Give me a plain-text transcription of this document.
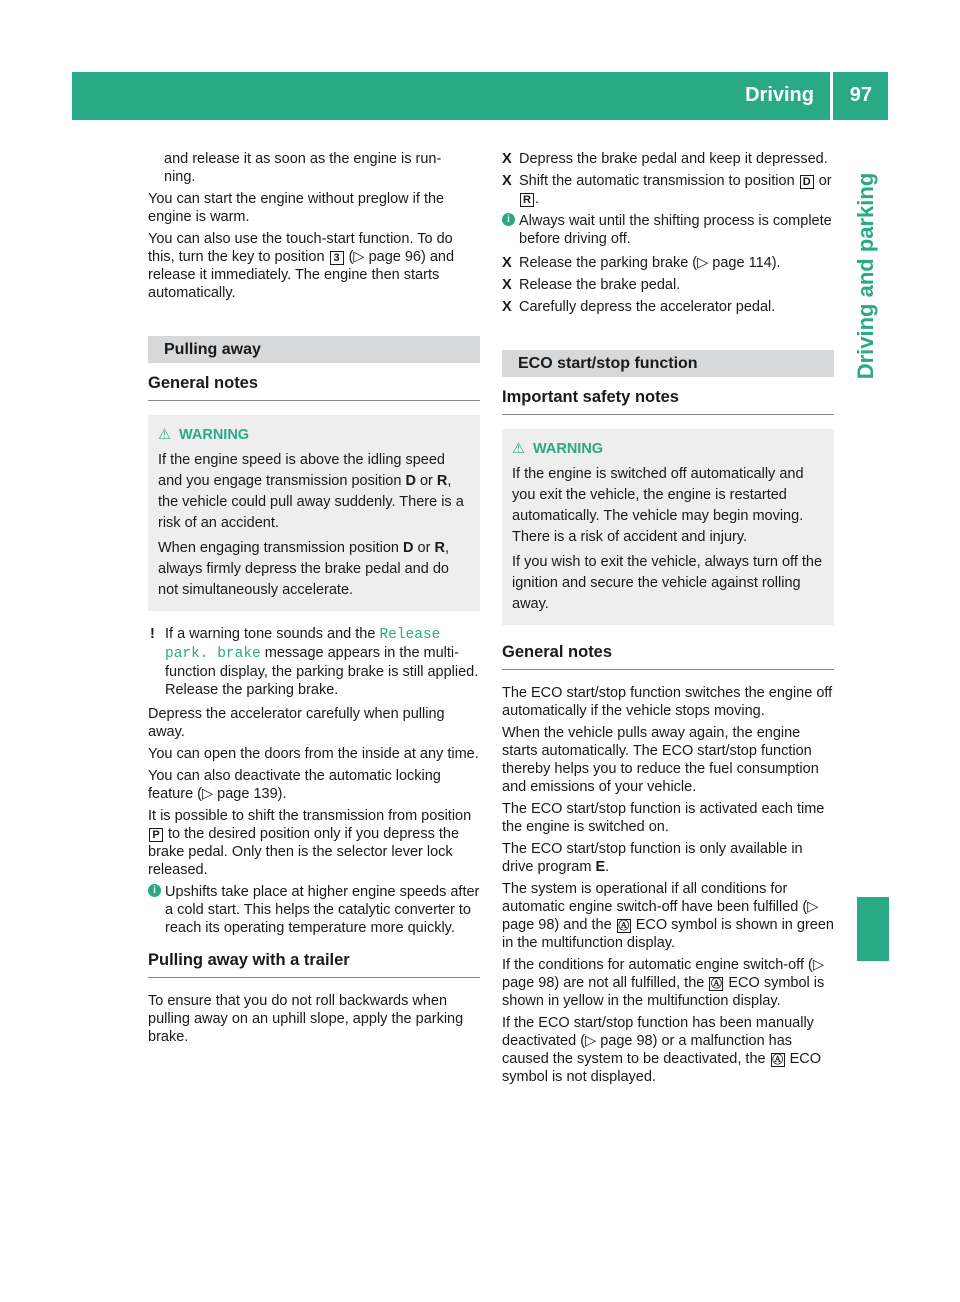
Driving 97
Driving and parking

and release it as soon as the engine is run-
ning.

You can start the engine without preglow if the engine is warm.

You can also use the touch-start function. To do this, turn the key to position 3 (▷ page 96) and release it immediately. The engine then starts automatically.

Pulling away
General notes
⚠ WARNING

If the engine speed is above the idling speed and you engage transmission position D or R, the vehicle could pull away suddenly. There is a risk of an accident.

When engaging transmission position D or R, always firmly depress the brake pedal and do not simultaneously accelerate.

! If a warning tone sounds and the Release park. brake message appears in the multi-function display, the parking brake is still applied. Release the parking brake.

Depress the accelerator carefully when pulling away.

You can open the doors from the inside at any time.

You can also deactivate the automatic locking feature (▷ page 139).

It is possible to shift the transmission from position P to the desired position only if you depress the brake pedal. Only then is the selector lever lock released.

i Upshifts take place at higher engine speeds after a cold start. This helps the catalytic converter to reach its operating temperature more quickly.
Pulling away with a trailer

To ensure that you do not roll backwards when pulling away on an uphill slope, apply the parking brake.

X Depress the brake pedal and keep it depressed.
X Shift the automatic transmission to position D or R .
i Always wait until the shifting process is complete before driving off.
X Release the parking brake (▷ page 114).
X Release the brake pedal.
X Carefully depress the accelerator pedal.
ECO start/stop function
Important safety notes
⚠ WARNING

If the engine is switched off automatically and you exit the vehicle, the engine is restarted automatically. The vehicle may begin moving. There is a risk of accident and injury.

If you wish to exit the vehicle, always turn off the ignition and secure the vehicle against rolling away.

General notes

The ECO start/stop function switches the engine off automatically if the vehicle stops moving.

When the vehicle pulls away again, the engine starts automatically. The ECO start/stop function thereby helps you to reduce the fuel consumption and emissions of your vehicle.

The ECO start/stop function is activated each time the engine is switched on.

The ECO start/stop function is only available in drive program E.

The system is operational if all conditions for automatic engine switch-off have been fulfilled (▷ page 98) and the Ⓐ ECO symbol is shown in green in the multifunction display.

If the conditions for automatic engine switch-off (▷ page 98) are not all fulfilled, the Ⓐ ECO symbol is shown in yellow in the multifunction display.

If the ECO start/stop function has been manually deactivated (▷ page 98) or a malfunction has caused the system to be deactivated, the Ⓐ ECO symbol is not displayed.
